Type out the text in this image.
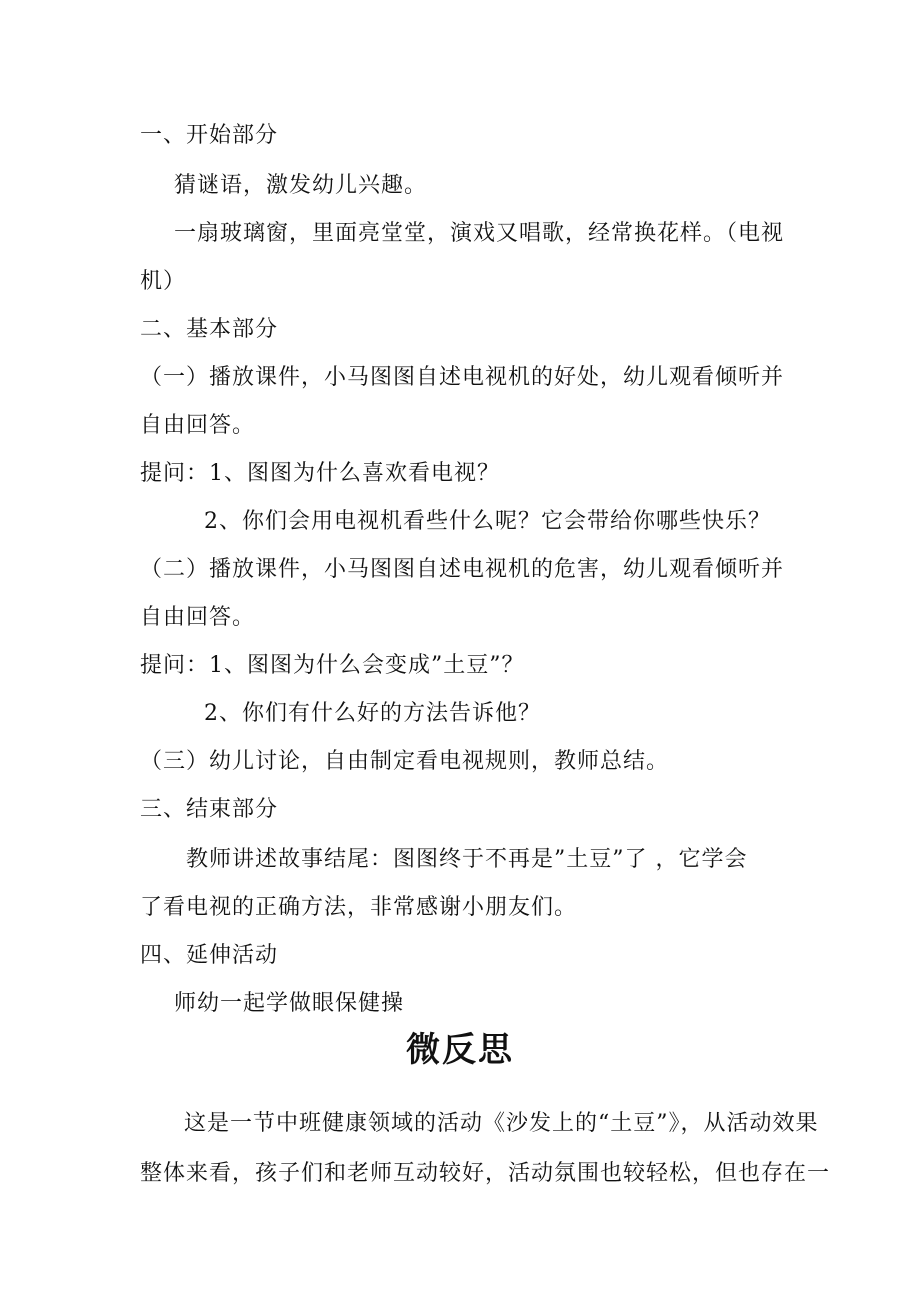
一、开始部分
猜谜语，激发幼儿兴趣。
一扇玻璃窗，里面亮堂堂，演戏又唱歌，经常换花样。（电视
机）
二、基本部分
（一）播放课件，小马图图自述电视机的好处，幼儿观看倾听并
自由回答。
提问：1、图图为什么喜欢看电视？
2、你们会用电视机看些什么呢？它会带给你哪些快乐？
（二）播放课件，小马图图自述电视机的危害，幼儿观看倾听并
自由回答。
提问：1、图图为什么会变成”土豆”？
2、你们有什么好的方法告诉他？
（三）幼儿讨论，自由制定看电视规则，教师总结。
三、结束部分
教师讲述故事结尾：图图终于不再是”土豆”了 ，它学会
了看电视的正确方法，非常感谢小朋友们。
四、延伸活动
师幼一起学做眼保健操
微反思
这是一节中班健康领域的活动《沙发上的“土豆”》，从活动效果
整体来看，孩子们和老师互动较好，活动氛围也较轻松，但也存在一
